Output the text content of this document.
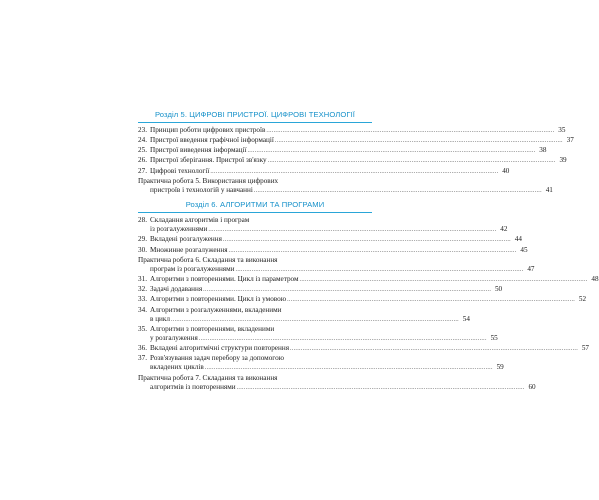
Розділ 5. ЦИФРОВІ ПРИСТРОЇ. ЦИФРОВІ ТЕХНОЛОГІЇ

23. Принцип роботи цифрових пристроїв ................................................................................................................................................................ 35
24. Пристрої введення графічної інформації ................................................................................................................................................................ 37
25. Пристрої виведення інформації ................................................................................................................................................................ 38
26. Пристрої зберігання. Пристрої зв'язку ................................................................................................................................................................ 39
27. Цифрові технології ................................................................................................................................................................ 40
Практична робота 5. Використання цифрових
пристроїв і технологій у навчанні ................................................................................................................................................................ 41

Розділ 6. АЛГОРИТМИ ТА ПРОГРАМИ

28. Складання алгоритмів і програм
із розгалуженнями ................................................................................................................................................................ 42
29. Вкладені розгалуження ................................................................................................................................................................ 44
30. Множинне розгалуження ................................................................................................................................................................ 45
Практична робота 6. Складання та виконання
програм із розгалуженнями ................................................................................................................................................................ 47
31. Алгоритми з повтореннями. Цикл із параметром ................................................................................................................................................................ 48
32. Задачі додавання ................................................................................................................................................................ 50
33. Алгоритми з повтореннями. Цикл із умовою ................................................................................................................................................................ 52
34. Алгоритми з розгалуженнями, вкладеними
в цикл ................................................................................................................................................................ 54
35. Алгоритми з повтореннями, вкладеними
у розгалуження ................................................................................................................................................................ 55
36. Вкладені алгоритмічні структури повторення ................................................................................................................................................................ 57
37. Розв'язування задач перебору за допомогою
вкладених циклів ................................................................................................................................................................ 59
Практична робота 7. Складання та виконання
алгоритмів із повтореннями ................................................................................................................................................................ 60
